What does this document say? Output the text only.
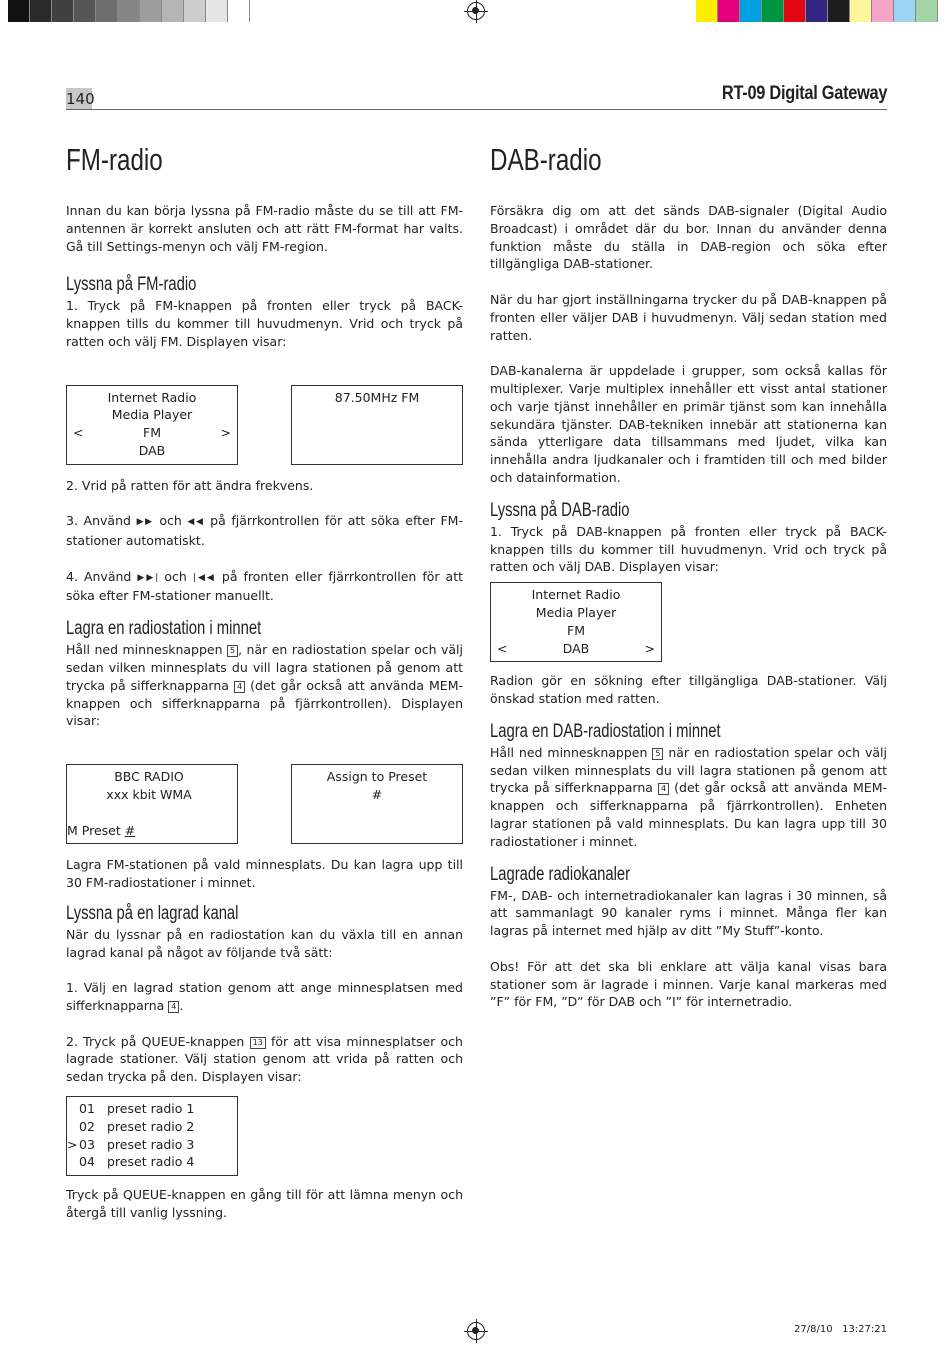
140	RT-09 Digital Gateway
FM-radio

Innan du kan börja lyssna på FM-radio måste du se till att FM-antennen är korrekt ansluten och att rätt FM-format har valts. Gå till Settings-menyn och välj FM-region.

Lyssna på FM-radio

1. Tryck på FM-knappen på fronten eller tryck på BACK-knappen tills du kommer till huvudmenyn. Vrid och tryck på ratten och välj FM. Displayen visar:

Internet Radio
Media Player
<	FM	>
DAB
87.50MHz FM

2. Vrid på ratten för att ändra frekvens.

3. Använd ▶▶ och ◀◀ på fjärrkontrollen för att söka efter FM-stationer automatiskt.

4. Använd ▶▶| och |◀◀ på fronten eller fjärrkontrollen för att söka efter FM-stationer manuellt.

Lagra en radiostation i minnet

Håll ned minnesknappen 5 , när en radiostation spelar och välj sedan vilken minnesplats du vill lagra stationen på genom att trycka på sifferknapparna 4 (det går också att använda MEM-knappen och sifferknapparna på fjärrkontrollen). Displayen visar:

BBC RADIO
xxx kbit WMA
M Preset #
Assign to Preset
#

Lagra FM-stationen på vald minnesplats. Du kan lagra upp till 30 FM-radiostationer i minnet.

Lyssna på en lagrad kanal

När du lyssnar på en radiostation kan du växla till en annan lagrad kanal på något av följande två sätt:

1. Välj en lagrad station genom att ange minnesplatsen med sifferknapparna 4 .

2. Tryck på QUEUE-knappen 13 för att visa minnesplatser och lagrade stationer. Välj station genom att vrida på ratten och sedan trycka på den. Displayen visar:

01 preset radio 1
02 preset radio 2
> 03 preset radio 3
04 preset radio 4

Tryck på QUEUE-knappen en gång till för att lämna menyn och återgå till vanlig lyssning.

DAB-radio

Försäkra dig om att det sänds DAB-signaler (Digital Audio Broadcast) i området där du bor. Innan du använder denna funktion måste du ställa in DAB-region och söka efter tillgängliga DAB-stationer.

När du har gjort inställningarna trycker du på DAB-knappen på fronten eller väljer DAB i huvudmenyn. Välj sedan station med ratten.

DAB-kanalerna är uppdelade i grupper, som också kallas för multiplexer. Varje multiplex innehåller ett visst antal stationer och varje tjänst innehåller en primär tjänst som kan innehålla sekundära tjänster. DAB-tekniken innebär att stationerna kan sända ytterligare data tillsammans med ljudet, vilka kan innehålla andra ljudkanaler och i framtiden till och med bilder och datainformation.

Lyssna på DAB-radio

1. Tryck på DAB-knappen på fronten eller tryck på BACK-knappen tills du kommer till huvudmenyn. Vrid och tryck på ratten och välj DAB. Displayen visar:

Internet Radio
Media Player
FM
<	DAB	>

Radion gör en sökning efter tillgängliga DAB-stationer. Välj önskad station med ratten.

Lagra en DAB-radiostation i minnet

Håll ned minnesknappen 5 när en radiostation spelar och välj sedan vilken minnesplats du vill lagra stationen på genom att trycka på sifferknapparna 4 (det går också att använda MEM-knappen och sifferknapparna på fjärrkontrollen). Enheten lagrar stationen på vald minnesplats. Du kan lagra upp till 30 radiostationer i minnet.

Lagrade radiokanaler

FM-, DAB- och internetradiokanaler kan lagras i 30 minnen, så att sammanlagt 90 kanaler ryms i minnet. Många fler kan lagras på internet med hjälp av ditt ”My Stuff”-konto.

Obs! För att det ska bli enklare att välja kanal visas bara stationer som är lagrade i minnen. Varje kanal markeras med ”F” för FM, ”D” för DAB och ”I” för internetradio.

27/8/10   13:27:21
